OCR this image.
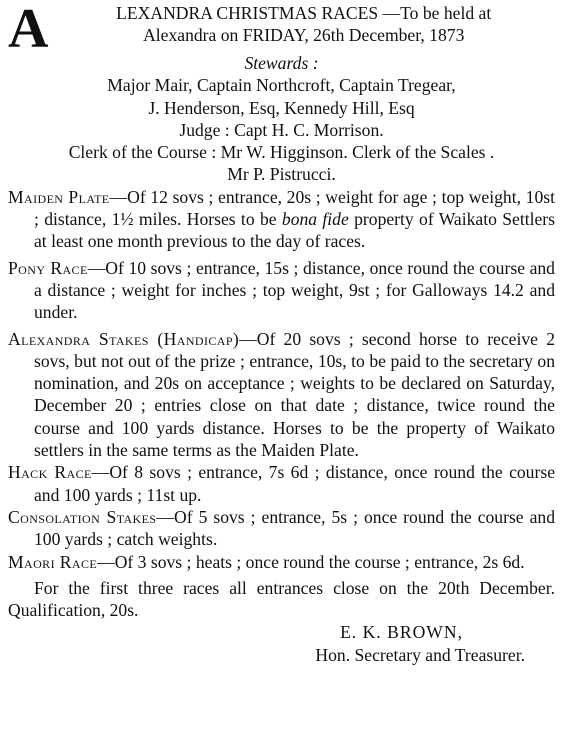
A	LEXANDRA CHRISTMAS RACES —To be held at
Alexandra on FRIDAY, 26th December, 1873
Stewards :
Major Mair, Captain Northcroft, Captain Tregear,
J. Henderson, Esq, Kennedy Hill, Esq
Judge : Capt H. C. Morrison.
Clerk of the Course : Mr W. Higginson. Clerk of the Scales .
Mr P. Pistrucci.
Maiden Plate—Of 12 sovs ; entrance, 20s ; weight for age ; top weight, 10st ; distance, 1½ miles. Horses to be bona fide property of Waikato Settlers at least one month previous to the day of races.
Pony Race—Of 10 sovs ; entrance, 15s ; distance, once round the course and a distance ; weight for inches ; top weight, 9st ; for Galloways 14.2 and under.
Alexandra Stakes (Handicap)—Of 20 sovs ; second horse to receive 2 sovs, but not out of the prize ; entrance, 10s, to be paid to the secretary on nomination, and 20s on acceptance ; weights to be declared on Saturday, December 20 ; entries close on that date ; distance, twice round the course and 100 yards distance. Horses to be the property of Waikato settlers in the same terms as the Maiden Plate.
Hack Race—Of 8 sovs ; entrance, 7s 6d ; distance, once round the course and 100 yards ; 11st up.
Consolation Stakes—Of 5 sovs ; entrance, 5s ; once round the course and 100 yards ; catch weights.
Maori Race—Of 3 sovs ; heats ; once round the course ; entrance, 2s 6d.
For the first three races all entrances close on the 20th December. Qualification, 20s.
E. K. BROWN,
Hon. Secretary and Treasurer.
